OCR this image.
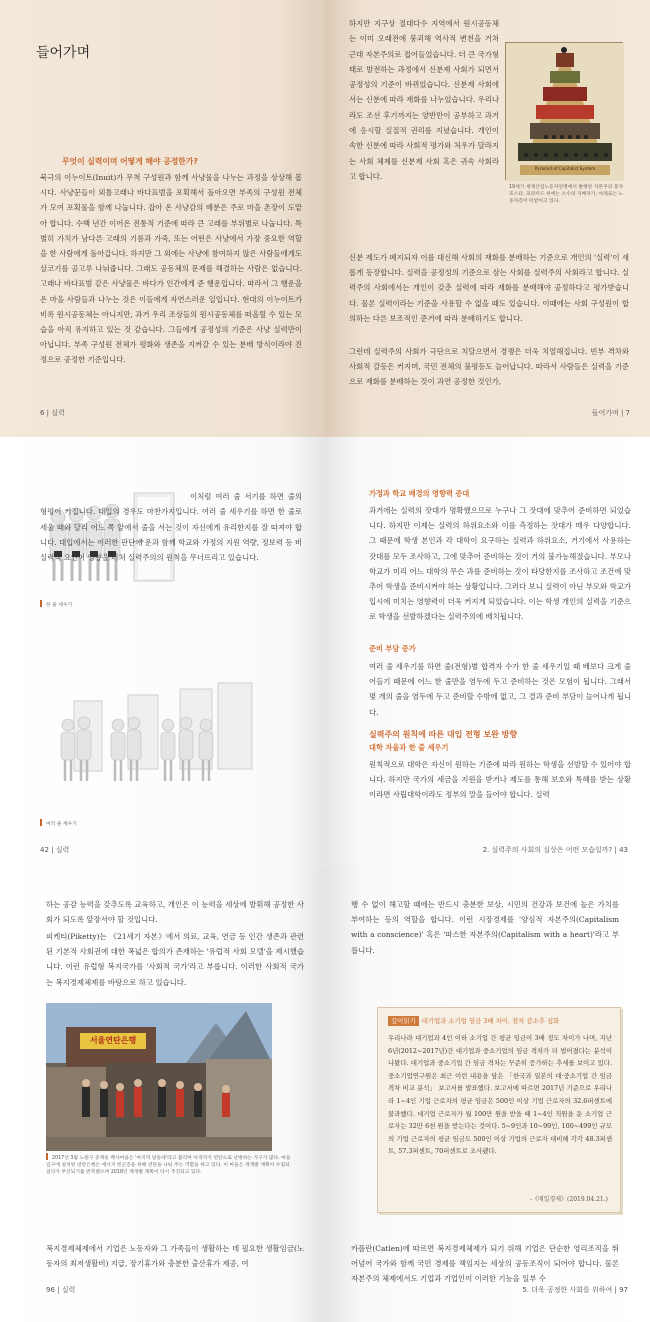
들어가며
무엇이 실력이며 어떻게 해야 공정한가?
북극의 이누이트(Inuit)가 무척 구성원과 함께 사냥물을 나누는 과정을 상상해 봅시다. 사냥꾼들이 외톨고래나 바다표범을 포획해서 돌아오면 부족의 구성원 전체가 모여 포획물을 함께 나눕니다. 잡아 온 사냥감의 배분은 주로 마을 촌장이 도맡아 합니다. 수백 년간 이어온 전통적 기준에 따라 큰 고래를 부위별로 나눕니다. 특별히 가치가 남다른 고래의 기름과 가죽, 또는 어떤은 사냥에서 가장 중요한 역할을 한 사람에게 돌아갑니다. 하지만 그 외에는 사냥에 참여하지 않은 사람들에게도 살코기를 골고루 나눠줍니다. 그래도 공동체의 문제를 해결하는 사람은 없습니다. 고래나 바다표범 같은 사냥물은 바다가 인간에게 준 행운입니다. 따라서 그 행운을 온 마을 사람들과 나누는 것은 이들에게 자연스러운 일입니다. 현대의 이누이트가 비록 원시공동체는 아니지만, 과거 우리 조상들의 원시공동체를 떠올릴 수 있는 모습을 아직 유지하고 있는 것 같습니다. 그들에게 공정성의 기준은 사냥 실력만이 아닙니다. 부족 구성원 전체가 평화와 생존을 지켜갈 수 있는 분배 방식이라야 진정으로 공정한 기준입니다.
6 | 실력
하지만 지구상 절대다수 지역에서 원시공동체는 이미 오래전에 붕괴해 역사적 변천을 거쳐 근대 자본주의로 접어들었습니다. 더 큰 국가형태로 발전하는 과정에서 신분제 사회가 되면서 공정성의 기준이 바뀌었습니다. 신분제 사회에서는 신분에 따라 재화를 나누었습니다. 우리나라도 조선 후기까지는 양반만이 공부하고 과거에 응시할 실질적 권리를 지녔습니다. 개인이 속한 신분에 따라 사회적 평가와 처우가 달라지는 사회 체제를 신분제 사회 혹은 귀속 사회라고 합니다.
Pyramid of Capitalist System
19세기 세계산업노동자연맹에서 발행한 자본주의 풍자 포스터. 피라미드 위에는 소수의 지배자가, 아래로는 노동자층이 떠받치고 있다.
신분 제도가 폐지되자 이를 대신해 사회의 재화를 분배하는 기준으로 개인의 '실력'이 새롭게 등장합니다. 실력을 공정성의 기준으로 삼는 사회를 실력주의 사회라고 합니다. 실력주의 사회에서는 개인이 갖춘 실력에 따라 재화를 분배해야 공정하다고 평가받습니다. 물론 실력이라는 기준을 사용할 수 없을 때도 있습니다. 이때에는 사회 구성원이 합의하는 다른 보조적인 준거에 따라 분배하기도 합니다.
그런데 실력주의 사회가 극단으로 치달으면서 경쟁은 더욱 치열해집니다. 빈부 격차와 사회적 갈등은 커지며, 국민 전체의 불평등도 늘어납니다. 따라서 사람들은 실력을 기준으로 재화를 분배하는 것이 과연 공정한 것인가,
들어가며 | 7
한 줄 세우기
이처럼 여러 줄 서기를 하면 줄의 형평이 커집니다. 대입의 경우도 마찬가지입니다. 여러 줄 세우기를 하면 한 줄로 세울 때와 달리 어느 쪽 앞에서 줄을 서는 것이 자신에게 유리한지를 잘 따져야 합니다. 대입에서는 이러한 판단에 운과 함께 학교와 가정의 지원 역량, 정보력 등 비실력적 요인이 영향을 미쳐 실력주의의 원칙을 무너뜨리고 있습니다.
여러 줄 세우기
42 | 실력
가정과 학교 배경의 영향력 증대
과거에는 실력의 잣대가 명확했으므로 누구나 그 잣대에 맞추어 준비하면 되었습니다. 하지만 이제는 실력의 하위요소와 이를 측정하는 잣대가 매우 다양합니다. 그 때문에 학생 본인과 각 대학이 요구하는 실력과 하위요소, 거기에서 사용하는 잣대를 모두 조사하고, 그에 맞추어 준비하는 것이 거의 불가능해졌습니다. 부모나 학교가 미리 어느 대학의 무슨 과를 준비하는 것이 타당한지를 조사하고 조건에 맞추어 학생을 준비시켜야 하는 상황입니다. 그러다 보니 실력이 아닌 부모와 학교가 입시에 미치는 영향력이 더욱 커지게 되었습니다. 이는 학생 개인의 실력을 기준으로 학생을 선발하겠다는 실력주의에 배치됩니다.
준비 부담 증가
여러 줄 세우기를 하면 줄(전형)별 합격자 수가 한 줄 세우기일 때 배보다 크게 줄어들기 때문에 어느 한 줄만을 염두에 두고 준비하는 것은 모험이 됩니다. 그래서 몇 개의 줄을 염두에 두고 준비할 수밖에 없고, 그 결과 준비 부담이 늘어나게 됩니다.
실력주의 원칙에 따른 대입 전형 보완 방향
대학 자율과 한 줄 세우기
원칙적으로 대학은 자신이 원하는 기준에 따라 원하는 학생을 선발할 수 있어야 합니다. 하지만 국가의 세금을 지원을 받거나 제도를 통해 보호와 특혜를 받는 상황이라면 사립대학이라도 정부의 말을 들어야 합니다. 실력
2. 실력주의 사회의 실상은 어떤 모습일까? | 43
하는 공감 능력을 갖추도록 교육하고, 개인은 이 능력을 세상에 발휘해 공정한 사회가 되도록 앞장서야 할 것입니다.
피케티(Piketty)는 《21세기 자본》에서 의료, 교육, 연금 등 인간 생존과 관련된 기본적 사회권에 대한 폭넓은 합의가 존재하는 '유럽적 사회 모델'을 제시했습니다. 이런 유럽형 복지국가를 '사회적 국가'라고 부릅니다. 이러한 사회적 국가는 복지경제체제를 바탕으로 하고 있습니다.
서울연탄은행
2017년 3월 노원구 중계동 백사마을은 '마지막 달동네'라고 불리며 아직까지 연탄으로 난방하는 가구가 많다. 마을 입구에 설치된 연탄은행은 에너지 빈곤층을 위해 연탄을 나눠 주는 역할을 하고 있다. 이 마을은 재개발 계획이 수립되었다가 무산되기를 반복했으며 2018년 재개발 계획이 다시 추진되고 있다.
복지경제체제에서 기업은 노동자와 그 가족들이 생활하는 데 필요한 생활임금(노동자의 최저생활비) 지급, 장기휴가와 충분한 출산휴가 제공, 여
96 | 실력
행 수 없이 해고할 때에는 반드시 충분한 보상, 시민의 건강과 보건에 높은 가치를 부여하는 등의 역할을 합니다. 이런 시장경제를 '양심적 자본주의(Capitalism with a conscience)' 혹은 '따스한 자본주의(Capitalism with a heart)'라고 부릅니다.
깊이읽기 대기업과 소기업 임금 3배 차이, 점차 감소추 심화
우리나라 대기업과 4인 이하 소기업 간 평균 임금이 3배 정도 차이가 나며, 지난 6년(2012~2017년)간 대기업과 중소기업의 임금 격차가 더 벌어졌다는 분석이 나왔다. 대기업과 중소기업 간 임금 격차는 꾸준히 증가하는 추세를 보이고 있다. 중소기업연구원은 최근 이런 내용을 담은 「한국과 일본의 대·중소기업 간 임금 격차 비교 분석」 보고서를 발표했다. 보고서에 따르면 2017년 기준으로 우리나라 1~4인 기업 근로자의 평균 임금은 500인 이상 기업 근로자의 32.6퍼센트에 불과했다. 대기업 근로자가 월 100만 원을 받을 때 1~4인 직원을 둔 소기업 근로자는 32만 6천 원을 받는다는 것이다. 5~9인과 10~99인, 100~499인 규모의 기업 근로자의 평균 임금도 500인 이상 기업의 근로자 대비해 각각 48.3퍼센트, 57.3퍼센트, 70퍼센트로 조사됐다.
-《매일경제》(2019.04.21.)
카플란(Catlen)에 따르면 복지경제체제가 되기 위해 기업은 단순한 영리조직을 뛰어넘어 국가와 함께 국민 경제를 책임지는 세상의 공동조직이 되어야 합니다. 물론 자본주의 체제에서도 기업과 기업인이 이러한 기능을 일부 수
5. 더욱 공정한 사회를 위하여 | 97
